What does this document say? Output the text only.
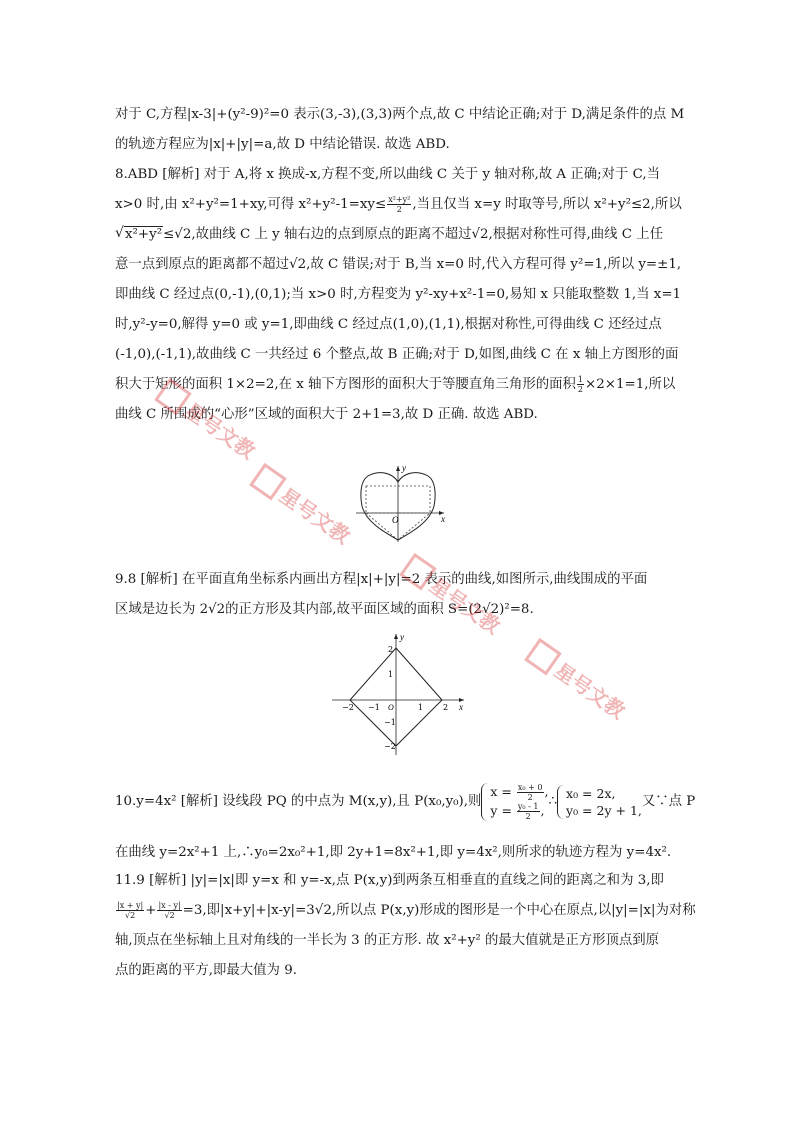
对于 C,方程|x-3|+(y²-9)²=0 表示(3,-3),(3,3)两个点,故 C 中结论正确;对于 D,满足条件的点 M
的轨迹方程应为|x|+|y|=a,故 D 中结论错误. 故选 ABD.
8.ABD [解析] 对于 A,将 x 换成-x,方程不变,所以曲线 C 关于 y 轴对称,故 A 正确;对于 C,当
x>0 时,由 x²+y²=1+xy,可得 $x^2+y^2-1=xy\le \frac{\text{x²+y²}}{2}$ ,当且仅当 x=y 时取等号,所以 x²+y²≤2,所以
√ x²+y²≤√2,故曲线 C 上 y 轴右边的点到原点的距离不超过√2,根据对称性可得,曲线 C 上任
意一点到原点的距离都不超过√2,故 C 错误;对于 B,当 x=0 时,代入方程可得 y²=1,所以 y=±1,
即曲线 C 经过点(0,-1),(0,1);当 x>0 时,方程变为 y²-xy+x²-1=0,易知 x 只能取整数 1,当 x=1
时,y²-y=0,解得 y=0 或 y=1,即曲线 C 经过点(1,0),(1,1),根据对称性,可得曲线 C 还经过点
(-1,0),(-1,1),故曲线 C 一共经过 6 个整点,故 B 正确;对于 D,如图,曲线 C 在 x 轴上方图形的面
积大于矩形的面积 1×2=2,在 x 轴下方图形的面积大于等腰直角三角形的面积 $\frac{1}{2} \times 2\times 1=1$,所以
曲线 C 所围成的“心形”区域的面积大于 2+1=3,故 D 正确. 故选 ABD.
O
y
x
9.8 [解析] 在平面直角坐标系内画出方程|x|+|y|=2 表示的曲线,如图所示,曲线围成的平面
区域是边长为 2√2的正方形及其内部,故平面区域的面积 S=(2√2)²=8.
−2 −1	1 2
2
1
−1
−2
O
y
x
10.y=4x² [解析] 设线段 PQ 的中点为 M(x,y),且 P(x₀,y₀),则
$x = \frac{\text{x₀ + 0}}{2}$ ,
$y = \frac{\text{y₀ - 1}}{2}$ ,
∴
x₀ = 2x,
y₀ = 2y + 1,
又∵点 P
在曲线 y=2x²+1 上,∴y₀=2x₀²+1,即 2y+1=8x²+1,即 y=4x²,则所求的轨迹方程为 y=4x².
11.9 [解析] |y|=|x|即 y=x 和 y=-x,点 P(x,y)到两条互相垂直的直线之间的距离之和为 3,即
$\frac{|x + y|}{√2} + \frac{|x - y|}{√2} =3$,即|x+y|+|x-y|=3√2,所以点 P(x,y)形成的图形是一个中心在原点,以|y|=|x|为对称
轴,顶点在坐标轴上且对角线的一半长为 3 的正方形. 故 x²+y² 的最大值就是正方形顶点到原
点的距离的平方,即最大值为 9.
星号文教
星号文教
星号文教
星号文教
